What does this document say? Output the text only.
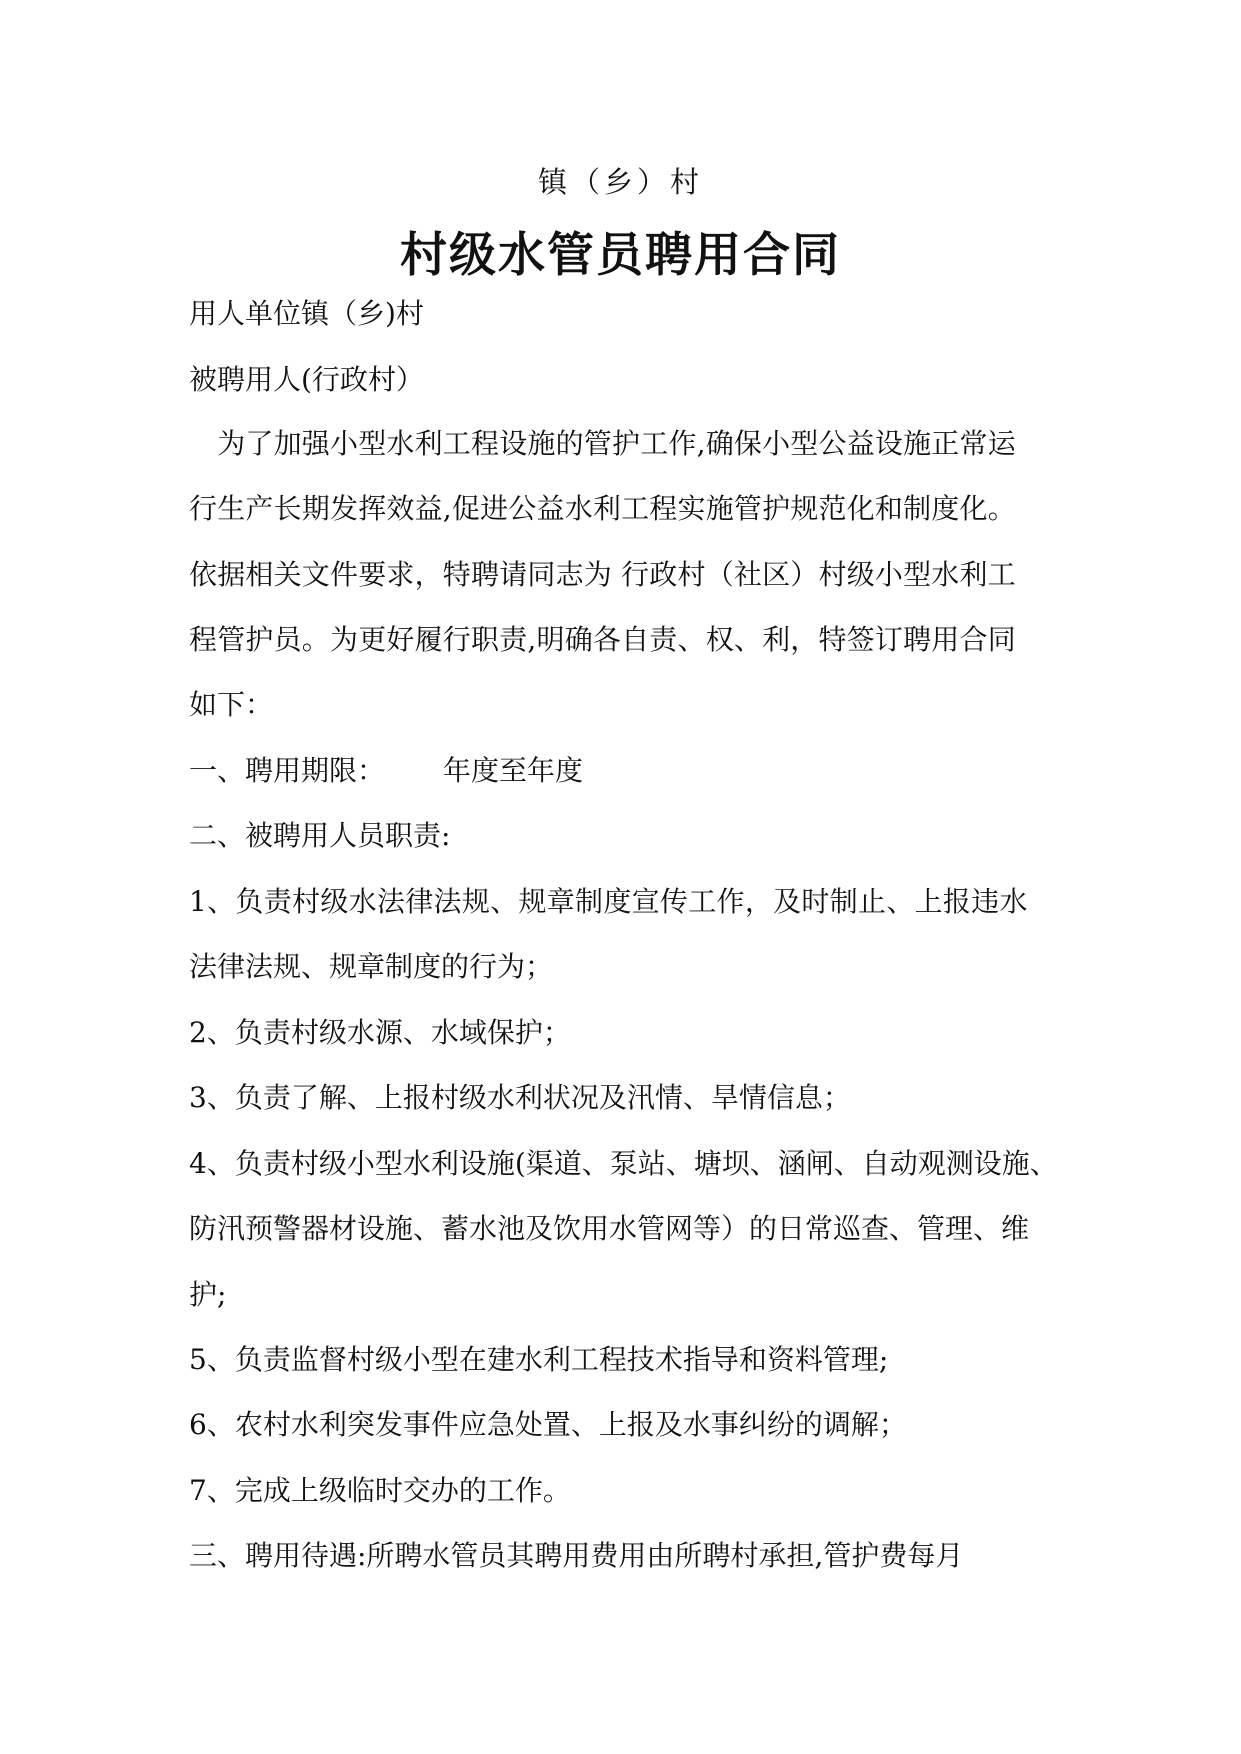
镇（乡）村
村级水管员聘用合同
用人单位镇（乡)村
被聘用人(行政村）
　为了加强小型水利工程设施的管护工作,确保小型公益设施正常运
行生产长期发挥效益,促进公益水利工程实施管护规范化和制度化。
依据相关文件要求，特聘请同志为 行政村（社区）村级小型水利工
程管护员。为更好履行职责,明确各自责、权、利，特签订聘用合同
如下：
一、聘用期限： 年度至年度
二、被聘用人员职责:
1、负责村级水法律法规、规章制度宣传工作，及时制止、上报违水
法律法规、规章制度的行为；
2、负责村级水源、水域保护；
3、负责了解、上报村级水利状况及汛情、旱情信息；
4、负责村级小型水利设施(渠道、泵站、塘坝、涵闸、自动观测设施、
防汛预警器材设施、蓄水池及饮用水管网等）的日常巡查、管理、维
护;
5、负责监督村级小型在建水利工程技术指导和资料管理;
6、农村水利突发事件应急处置、上报及水事纠纷的调解；
7、完成上级临时交办的工作。
三、聘用待遇:所聘水管员其聘用费用由所聘村承担,管护费每月
